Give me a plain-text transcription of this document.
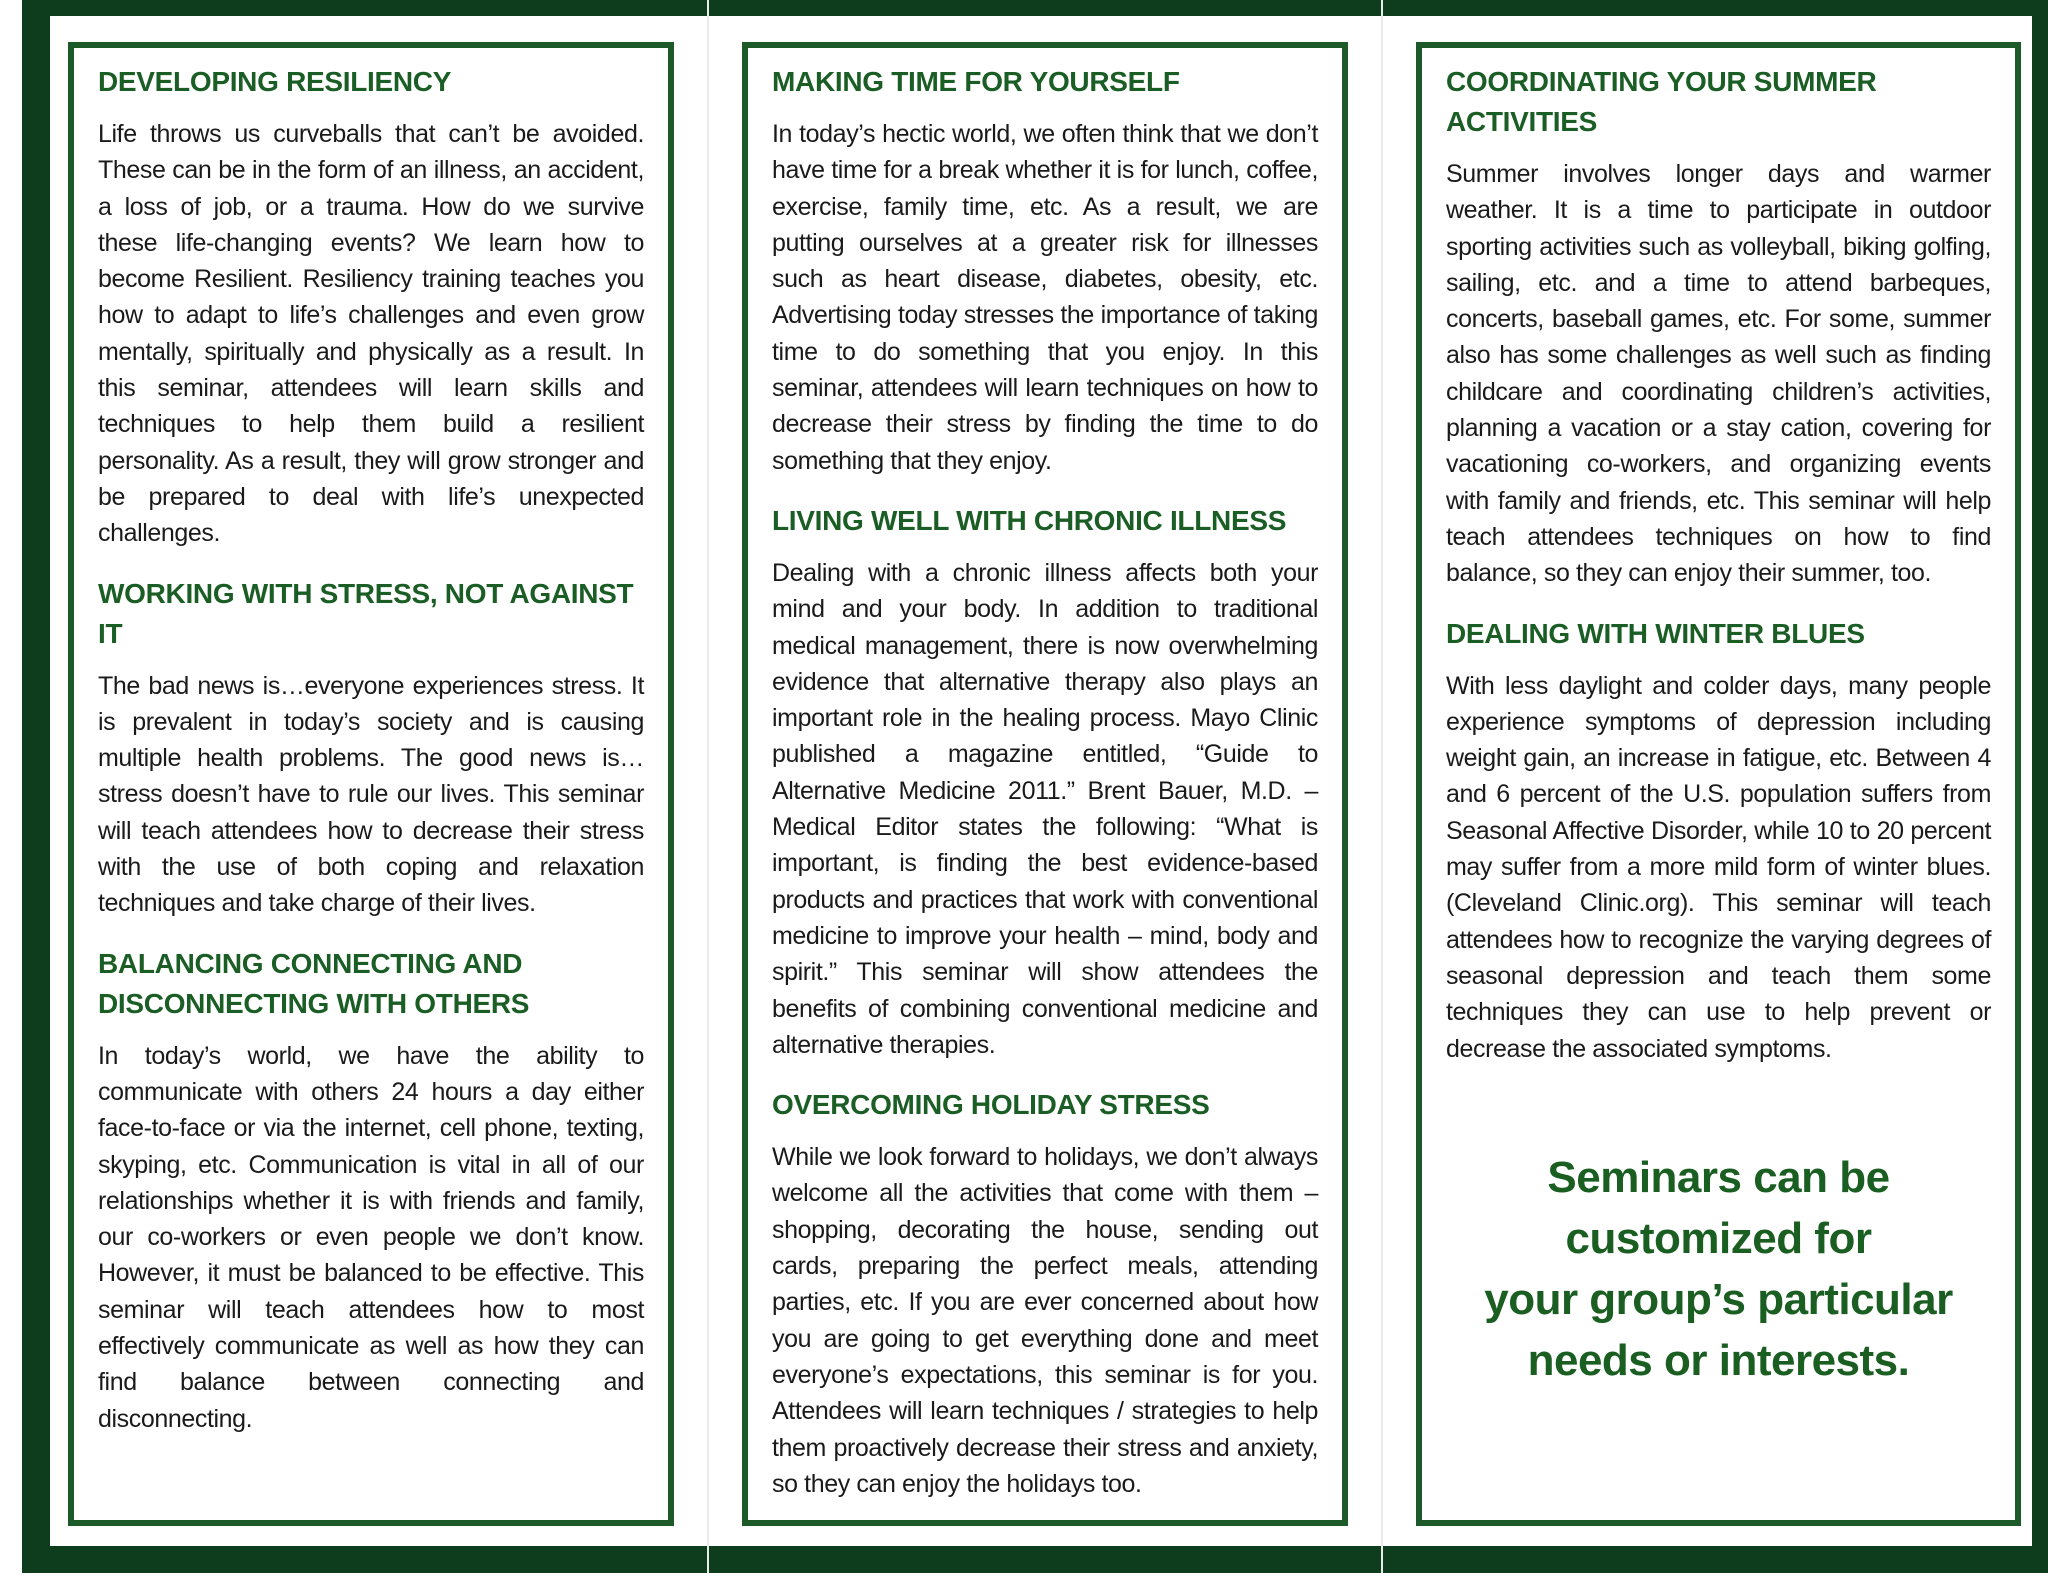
DEVELOPING RESILIENCY

Life throws us curveballs that can’t be avoided. These can be in the form of an illness, an accident, a loss of job, or a trauma. How do we survive these life-changing events? We learn how to become Resilient. Resiliency training teaches you how to adapt to life’s challenges and even grow mentally, spiritually and physically as a result. In this seminar, attendees will learn skills and techniques to help them build a resilient personality. As a result, they will grow stronger and be prepared to deal with life’s unexpected challenges.

WORKING WITH STRESS, NOT AGAINST IT

The bad news is…everyone experiences stress. It is prevalent in today’s society and is causing multiple health problems. The good news is… stress doesn’t have to rule our lives. This seminar will teach attendees how to decrease their stress with the use of both coping and relaxation techniques and take charge of their lives.

BALANCING CONNECTING AND DISCONNECTING WITH OTHERS

In today’s world, we have the ability to communicate with others 24 hours a day either face-to-face or via the internet, cell phone, texting, skyping, etc. Communication is vital in all of our relationships whether it is with friends and family, our co-workers or even people we don’t know. However, it must be balanced to be effective. This seminar will teach attendees how to most effectively communicate as well as how they can find balance between connecting and disconnecting.

MAKING TIME FOR YOURSELF

In today’s hectic world, we often think that we don’t have time for a break whether it is for lunch, coffee, exercise, family time, etc. As a result, we are putting ourselves at a greater risk for illnesses such as heart disease, diabetes, obesity, etc. Advertising today stresses the importance of taking time to do something that you enjoy. In this seminar, attendees will learn techniques on how to decrease their stress by finding the time to do something that they enjoy.

LIVING WELL WITH CHRONIC ILLNESS

Dealing with a chronic illness affects both your mind and your body. In addition to traditional medical management, there is now overwhelming evidence that alternative therapy also plays an important role in the healing process. Mayo Clinic published a magazine entitled, “Guide to Alternative Medicine 2011.” Brent Bauer, M.D. – Medical Editor states the following: “What is important, is finding the best evidence-based products and practices that work with conventional medicine to improve your health – mind, body and spirit.” This seminar will show attendees the benefits of combining conventional medicine and alternative therapies.

OVERCOMING HOLIDAY STRESS

While we look forward to holidays, we don’t always welcome all the activities that come with them – shopping, decorating the house, sending out cards, preparing the perfect meals, attending parties, etc. If you are ever concerned about how you are going to get everything done and meet everyone’s expectations, this seminar is for you. Attendees will learn techniques / strategies to help them proactively decrease their stress and anxiety, so they can enjoy the holidays too.

COORDINATING YOUR SUMMER ACTIVITIES

Summer involves longer days and warmer weather. It is a time to participate in outdoor sporting activities such as volleyball, biking golfing, sailing, etc. and a time to attend barbeques, concerts, baseball games, etc. For some, summer also has some challenges as well such as finding childcare and coordinating children’s activities, planning a vacation or a stay cation, covering for vacationing co-workers, and organizing events with family and friends, etc. This seminar will help teach attendees techniques on how to find balance, so they can enjoy their summer, too.

DEALING WITH WINTER BLUES

With less daylight and colder days, many people experience symptoms of depression including weight gain, an increase in fatigue, etc. Between 4 and 6 percent of the U.S. population suffers from Seasonal Affective Disorder, while 10 to 20 percent may suffer from a more mild form of winter blues. (Cleveland Clinic.org). This seminar will teach attendees how to recognize the varying degrees of seasonal depression and teach them some techniques they can use to help prevent or decrease the associated symptoms.

Seminars can be
customized for
your group’s particular
needs or interests.
